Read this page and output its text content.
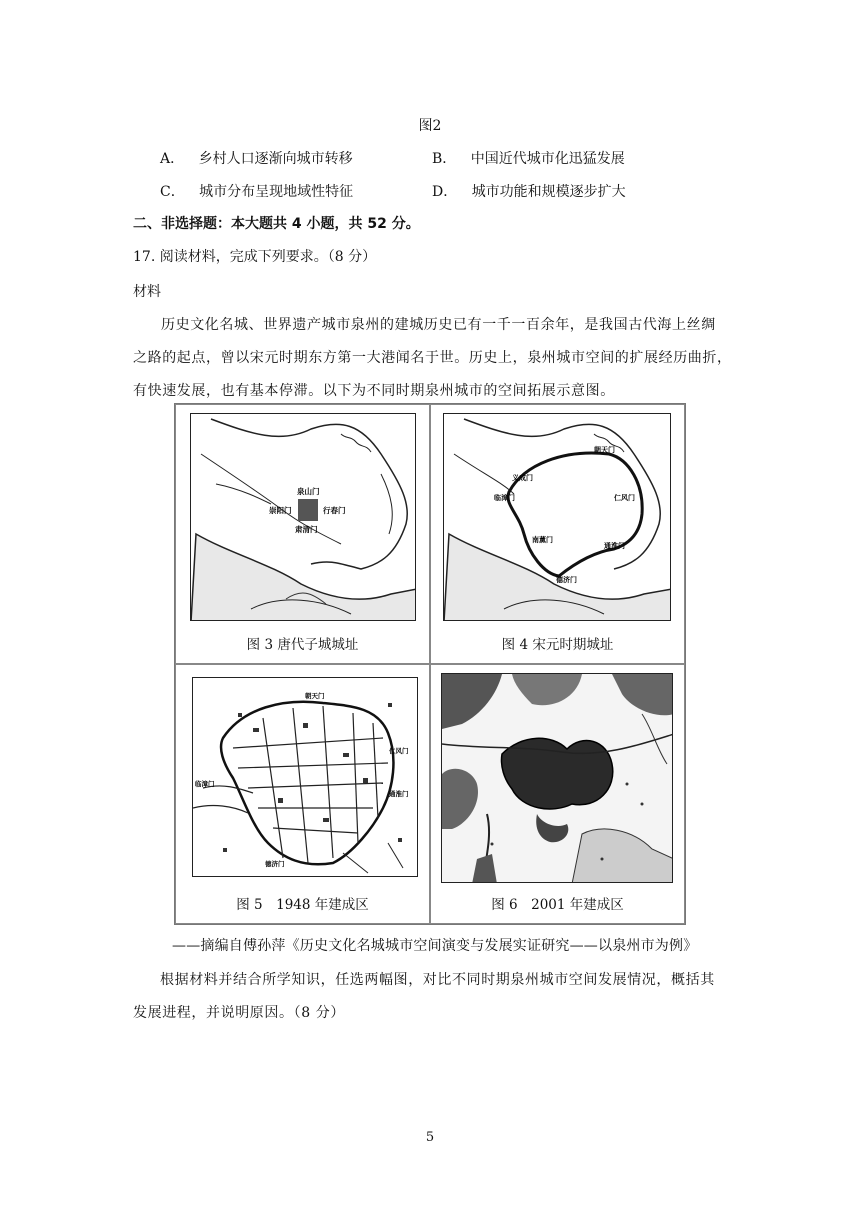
图2
A． 乡村人口逐渐向城市转移	B． 中国近代城市化迅猛发展
C． 城市分布呈现地域性特征	D． 城市功能和规模逐步扩大
二、非选择题：本大题共 4 小题，共 52 分。
17. 阅读材料，完成下列要求。（8 分）
材料
历史文化名城、世界遗产城市泉州的建城历史已有一千一百余年，是我国古代海上丝绸
之路的起点，曾以宋元时期东方第一大港闻名于世。历史上，泉州城市空间的扩展经历曲折，
有快速发展，也有基本停滞。以下为不同时期泉州城市的空间拓展示意图。
泉山门
崇阳门	行春门
肃清门
图 3 唐代子城城址
朝天门
义成门
仁风门
通淮门
南薰门
德济门
临漳门
图 4 宋元时期城址
朝天门
临漳门
仁风门
通淮门
德济门
图 5　1948 年建成区	图 6　2001 年建成区
——摘编自傅孙萍《历史文化名城城市空间演变与发展实证研究——以泉州市为例》
根据材料并结合所学知识，任选两幅图，对比不同时期泉州城市空间发展情况，概括其
发展进程，并说明原因。（8 分）
5
